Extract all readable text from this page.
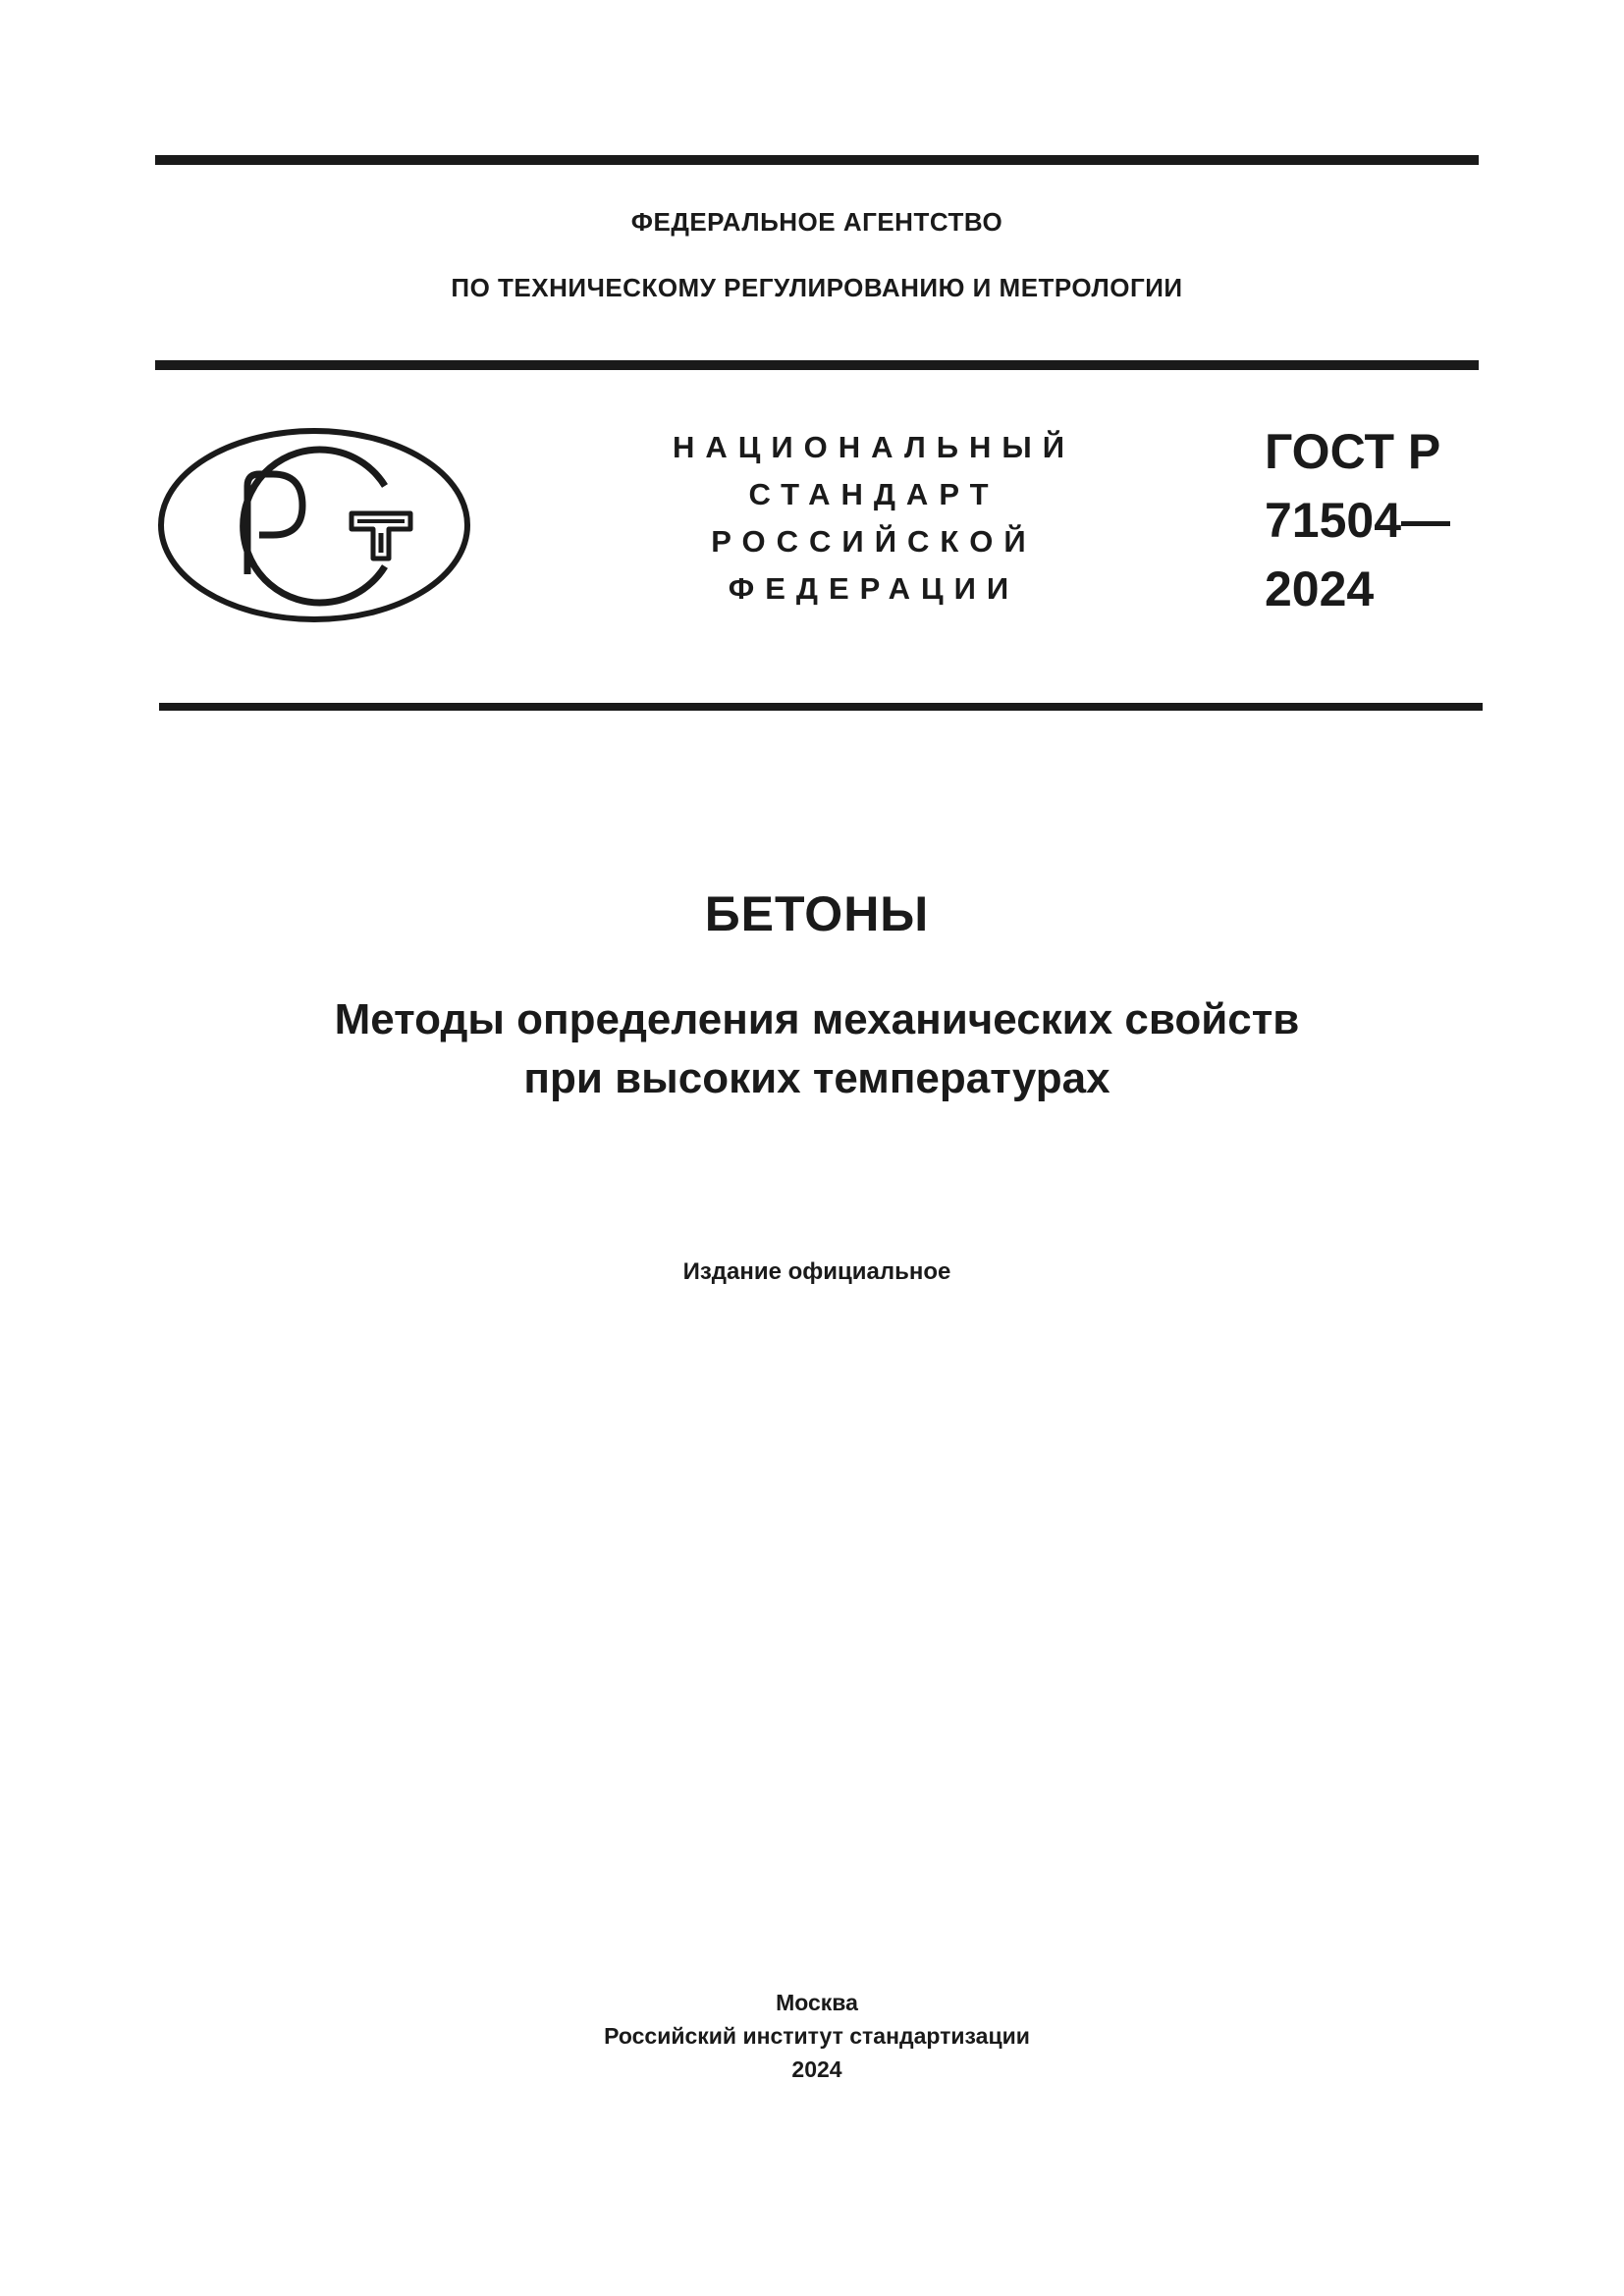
ФЕДЕРАЛЬНОЕ АГЕНТСТВО
ПО ТЕХНИЧЕСКОМУ РЕГУЛИРОВАНИЮ И МЕТРОЛОГИИ
НАЦИОНАЛЬНЫЙ
СТАНДАРТ
РОССИЙСКОЙ
ФЕДЕРАЦИИ
ГОСТ Р
71504—
2024
БЕТОНЫ
Методы определения механических свойств
при высоких температурах
Издание официальное
Москва
Российский институт стандартизации
2024
